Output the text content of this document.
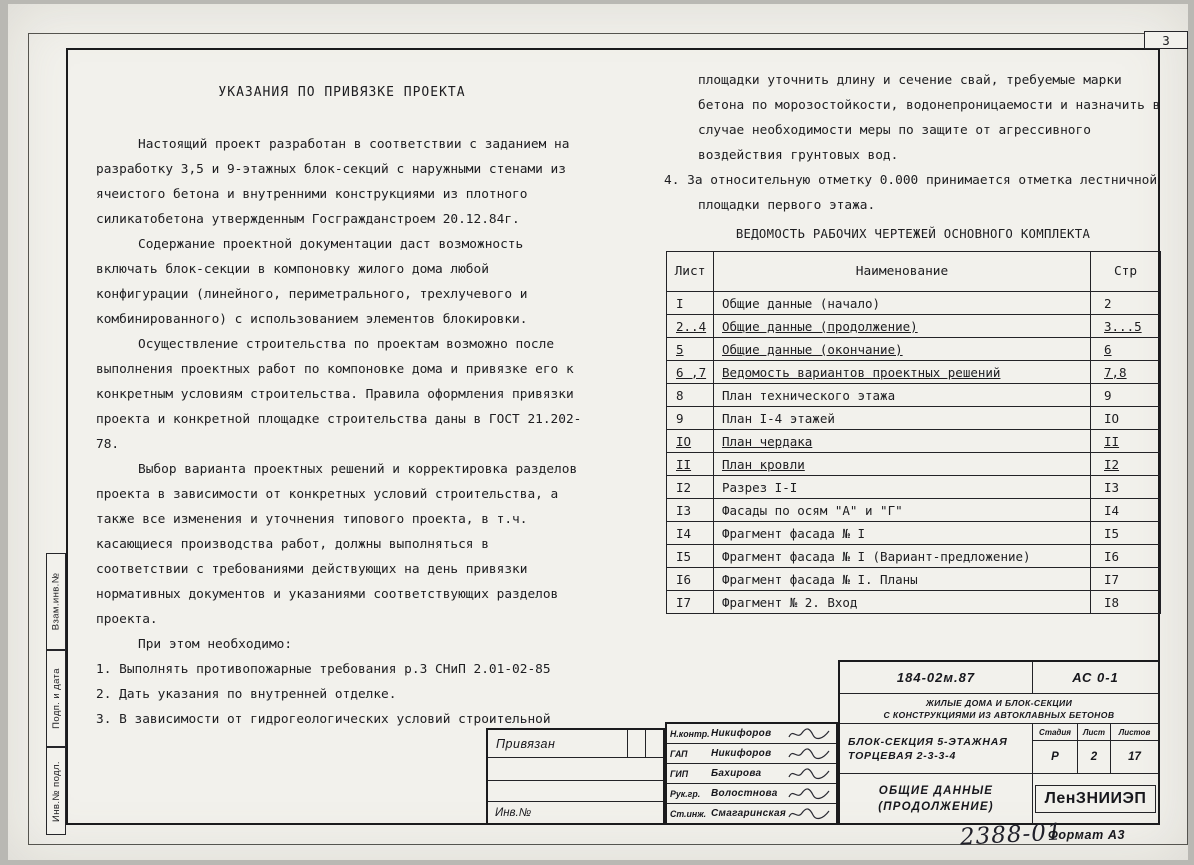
3
Взам.инв.№
Подп. и дата
Инв.№ подл.
УКАЗАНИЯ ПО ПРИВЯЗКЕ ПРОЕКТА

Настоящий проект разработан в соответствии с заданием на разработку 3,5 и 9-этажных блок-секций с наружными стенами из ячеистого бетона и внутренними конструкциями из плотного силикатобетона утвержденным Госгражданстроем 20.12.84г.

Содержание проектной документации даст возможность включать блок-секции в компоновку жилого дома любой конфигурации (линейного, периметрального, трехлучевого и комбинированного) с использованием элементов блокировки.

Осуществление строительства по проектам возможно после выполнения проектных работ по компоновке дома и привязке его к конкретным условиям строительства. Правила оформления привязки проекта и конкретной площадке строительства даны в ГОСТ 21.202-78.

Выбор варианта проектных решений и корректировка разделов проекта в зависимости от конкретных условий строительства, а также все изменения и уточнения типового проекта, в т.ч. касающиеся производства работ, должны выполняться в соответствии с требованиями действующих на день привязки нормативных документов и указаниями соответствующих разделов проекта.

При этом необходимо:

1. Выполнять противопожарные требования р.3 СНиП 2.01-02-85

2. Дать указания по внутренней отделке.

3. В зависимости от гидрогеологических условий строительной

площадки уточнить длину и сечение свай, требуемые марки бетона по морозостойкости, водонепроницаемости и назначить в случае необходимости меры по защите от агрессивного воздействия грунтовых вод.

4. За относительную отметку 0.000 принимается отметка лестничной площадки первого этажа.

ВЕДОМОСТЬ РАБОЧИХ ЧЕРТЕЖЕЙ ОСНОВНОГО КОМПЛЕКТА
Лист	Наименование	Стр
I	Общие данные (начало)	2
2..4	Общие данные (продолжение)	3...5
5	Общие данные (окончание)	6
6 ,7	Ведомость вариантов проектных решений	7,8
8	План технического этажа	9
9	План I-4 этажей	IO
IO	План чердака	II
II	План кровли	I2
I2	Разрез I-I	I3
I3	Фасады по осям "А" и "Г"	I4
I4	Фрагмент фасада № I	I5
I5	Фрагмент фасада № I (Вариант-предложение)	I6
I6	Фрагмент фасада № I. Планы	I7
I7	Фрагмент № 2. Вход	I8
Привязан
Инв.№
Н.контр. Никифоров
ГАП	Никифоров
ГИП	Бахирова
Рук.гр.	Волостнова
Ст.инж. Смагаринская
184-02м.87	АС 0-1
ЖИЛЫЕ ДОМА И БЛОК-СЕКЦИИ
С КОНСТРУКЦИЯМИ ИЗ АВТОКЛАВНЫХ БЕТОНОВ
БЛОК-СЕКЦИЯ 5-ЭТАЖНАЯ
ТОРЦЕВАЯ 2-3-3-4
Стадия	Лист	Листов
Р	2	17
ОБЩИЕ ДАННЫЕ
(ПРОДОЛЖЕНИЕ)	ЛенЗНИИЭП
2388-01
Формат А3
